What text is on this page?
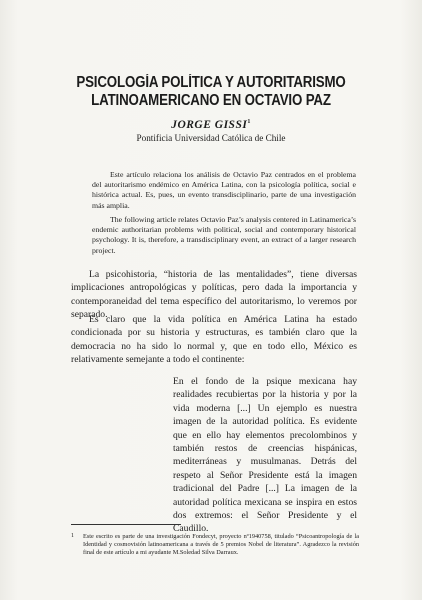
PSICOLOGÍA POLÍTICA Y AUTORITARISMO
LATINOAMERICANO EN OCTAVIO PAZ
JORGE GISSI$^1$
Pontificia Universidad Católica de Chile

Este artículo relaciona los análisis de Octavio Paz centrados en el problema del autoritarismo endémico en América Latina, con la psicología política, social e histórica actual. Es, pues, un evento transdisciplinario, parte de una investigación más amplia.

The following article relates Octavio Paz’s analysis centered in Latinamerica’s endemic authoritarian problems with political, social and contemporary historical psychology. It is, therefore, a transdisciplinary event, an extract of a larger research project.

La psicohistoria, “historia de las mentalidades”, tiene diversas implicaciones antropológicas y políticas, pero dada la importancia y contemporaneidad del tema específico del autoritarismo, lo veremos por separado.

Es claro que la vida política en América Latina ha estado condicionada por su historia y estructuras, es también claro que la democracia no ha sido lo normal y, que en todo ello, México es relativamente semejante a todo el continente:

En el fondo de la psique mexicana hay realidades recubiertas por la historia y por la vida moderna [...] Un ejemplo es nuestra imagen de la autoridad política. Es evidente que en ello hay elementos precolombinos y también restos de creencias hispánicas, mediterráneas y musulmanas. Detrás del respeto al Señor Presidente está la imagen tradicional del Padre [...] La imagen de la autoridad política mexicana se inspira en estos dos extremos: el Señor Presidente y el Caudillo.

1	Este escrito es parte de una investigación Fondecyt, proyecto nº1940758, titulado “Psicoantropología de la Identidad y cosmovisión latinoamericana a través de 5 premios Nobel de literatura”. Agradezco la revisión final de este artículo a mi ayudante M.Soledad Silva Darraux.
